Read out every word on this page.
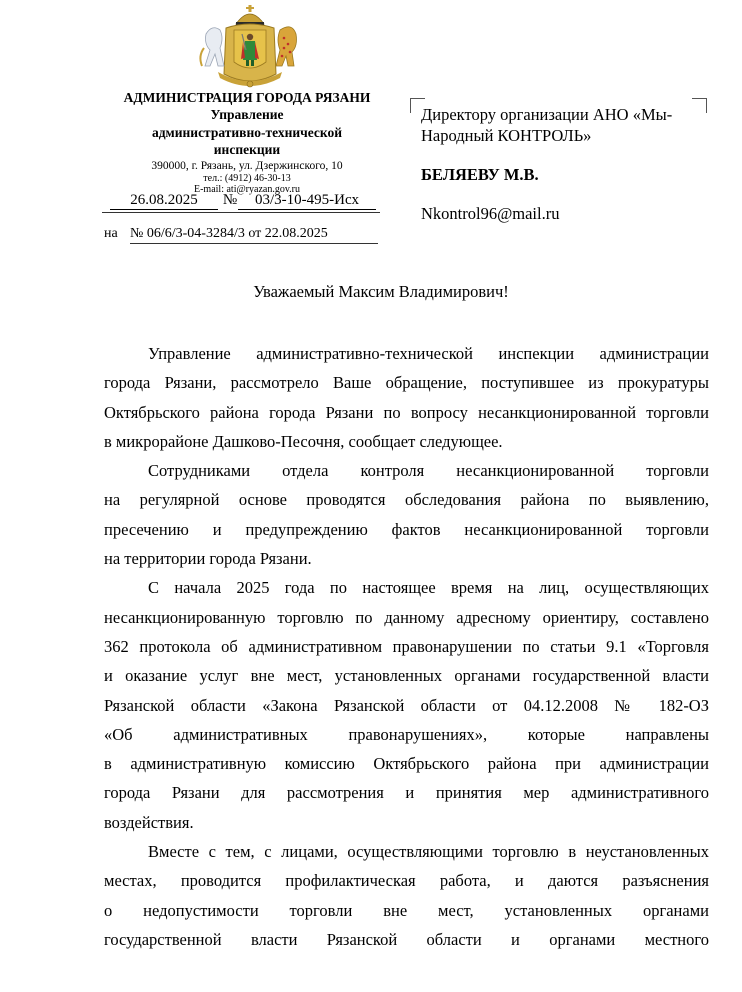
АДМИНИСТРАЦИЯ ГОРОДА РЯЗАНИ
Управление
административно-технической
инспекции
390000, г. Рязань, ул. Дзержинского, 10
тел.: (4912) 46-30-13
E-mail: ati@ryazan.gov.ru
26.08.2025	№	03/3-10-495-Исх
на № 06/6/3-04-3284/3 от 22.08.2025
Директору организации АНО «Мы-
Народный КОНТРОЛЬ»
БЕЛЯЕВУ М.В.
Nkontrol96@mail.ru
Уважаемый Максим Владимирович!
Управление административно-технической инспекции администрации
города Рязани, рассмотрело Ваше обращение, поступившее из прокуратуры
Октябрьского района города Рязани по вопросу несанкционированной торговли
в микрорайоне Дашково-Песочня, сообщает следующее.
Сотрудниками отдела контроля несанкционированной торговли
на регулярной основе проводятся обследования района по выявлению,
пресечению и предупреждению фактов несанкционированной торговли
на территории города Рязани.
С начала 2025 года по настоящее время на лиц, осуществляющих
несанкционированную торговлю по данному адресному ориентиру, составлено
362 протокола об административном правонарушении по статьи 9.1 «Торговля
и оказание услуг вне мест, установленных органами государственной власти
Рязанской области «Закона Рязанской области от 04.12.2008 № 182-ОЗ
«Об административных правонарушениях», которые направлены
в административную комиссию Октябрьского района при администрации
города Рязани для рассмотрения и принятия мер административного
воздействия.
Вместе с тем, с лицами, осуществляющими торговлю в неустановленных
местах, проводится профилактическая работа, и даются разъяснения
о недопустимости торговли вне мест, установленных органами
государственной власти Рязанской области и органами местного
